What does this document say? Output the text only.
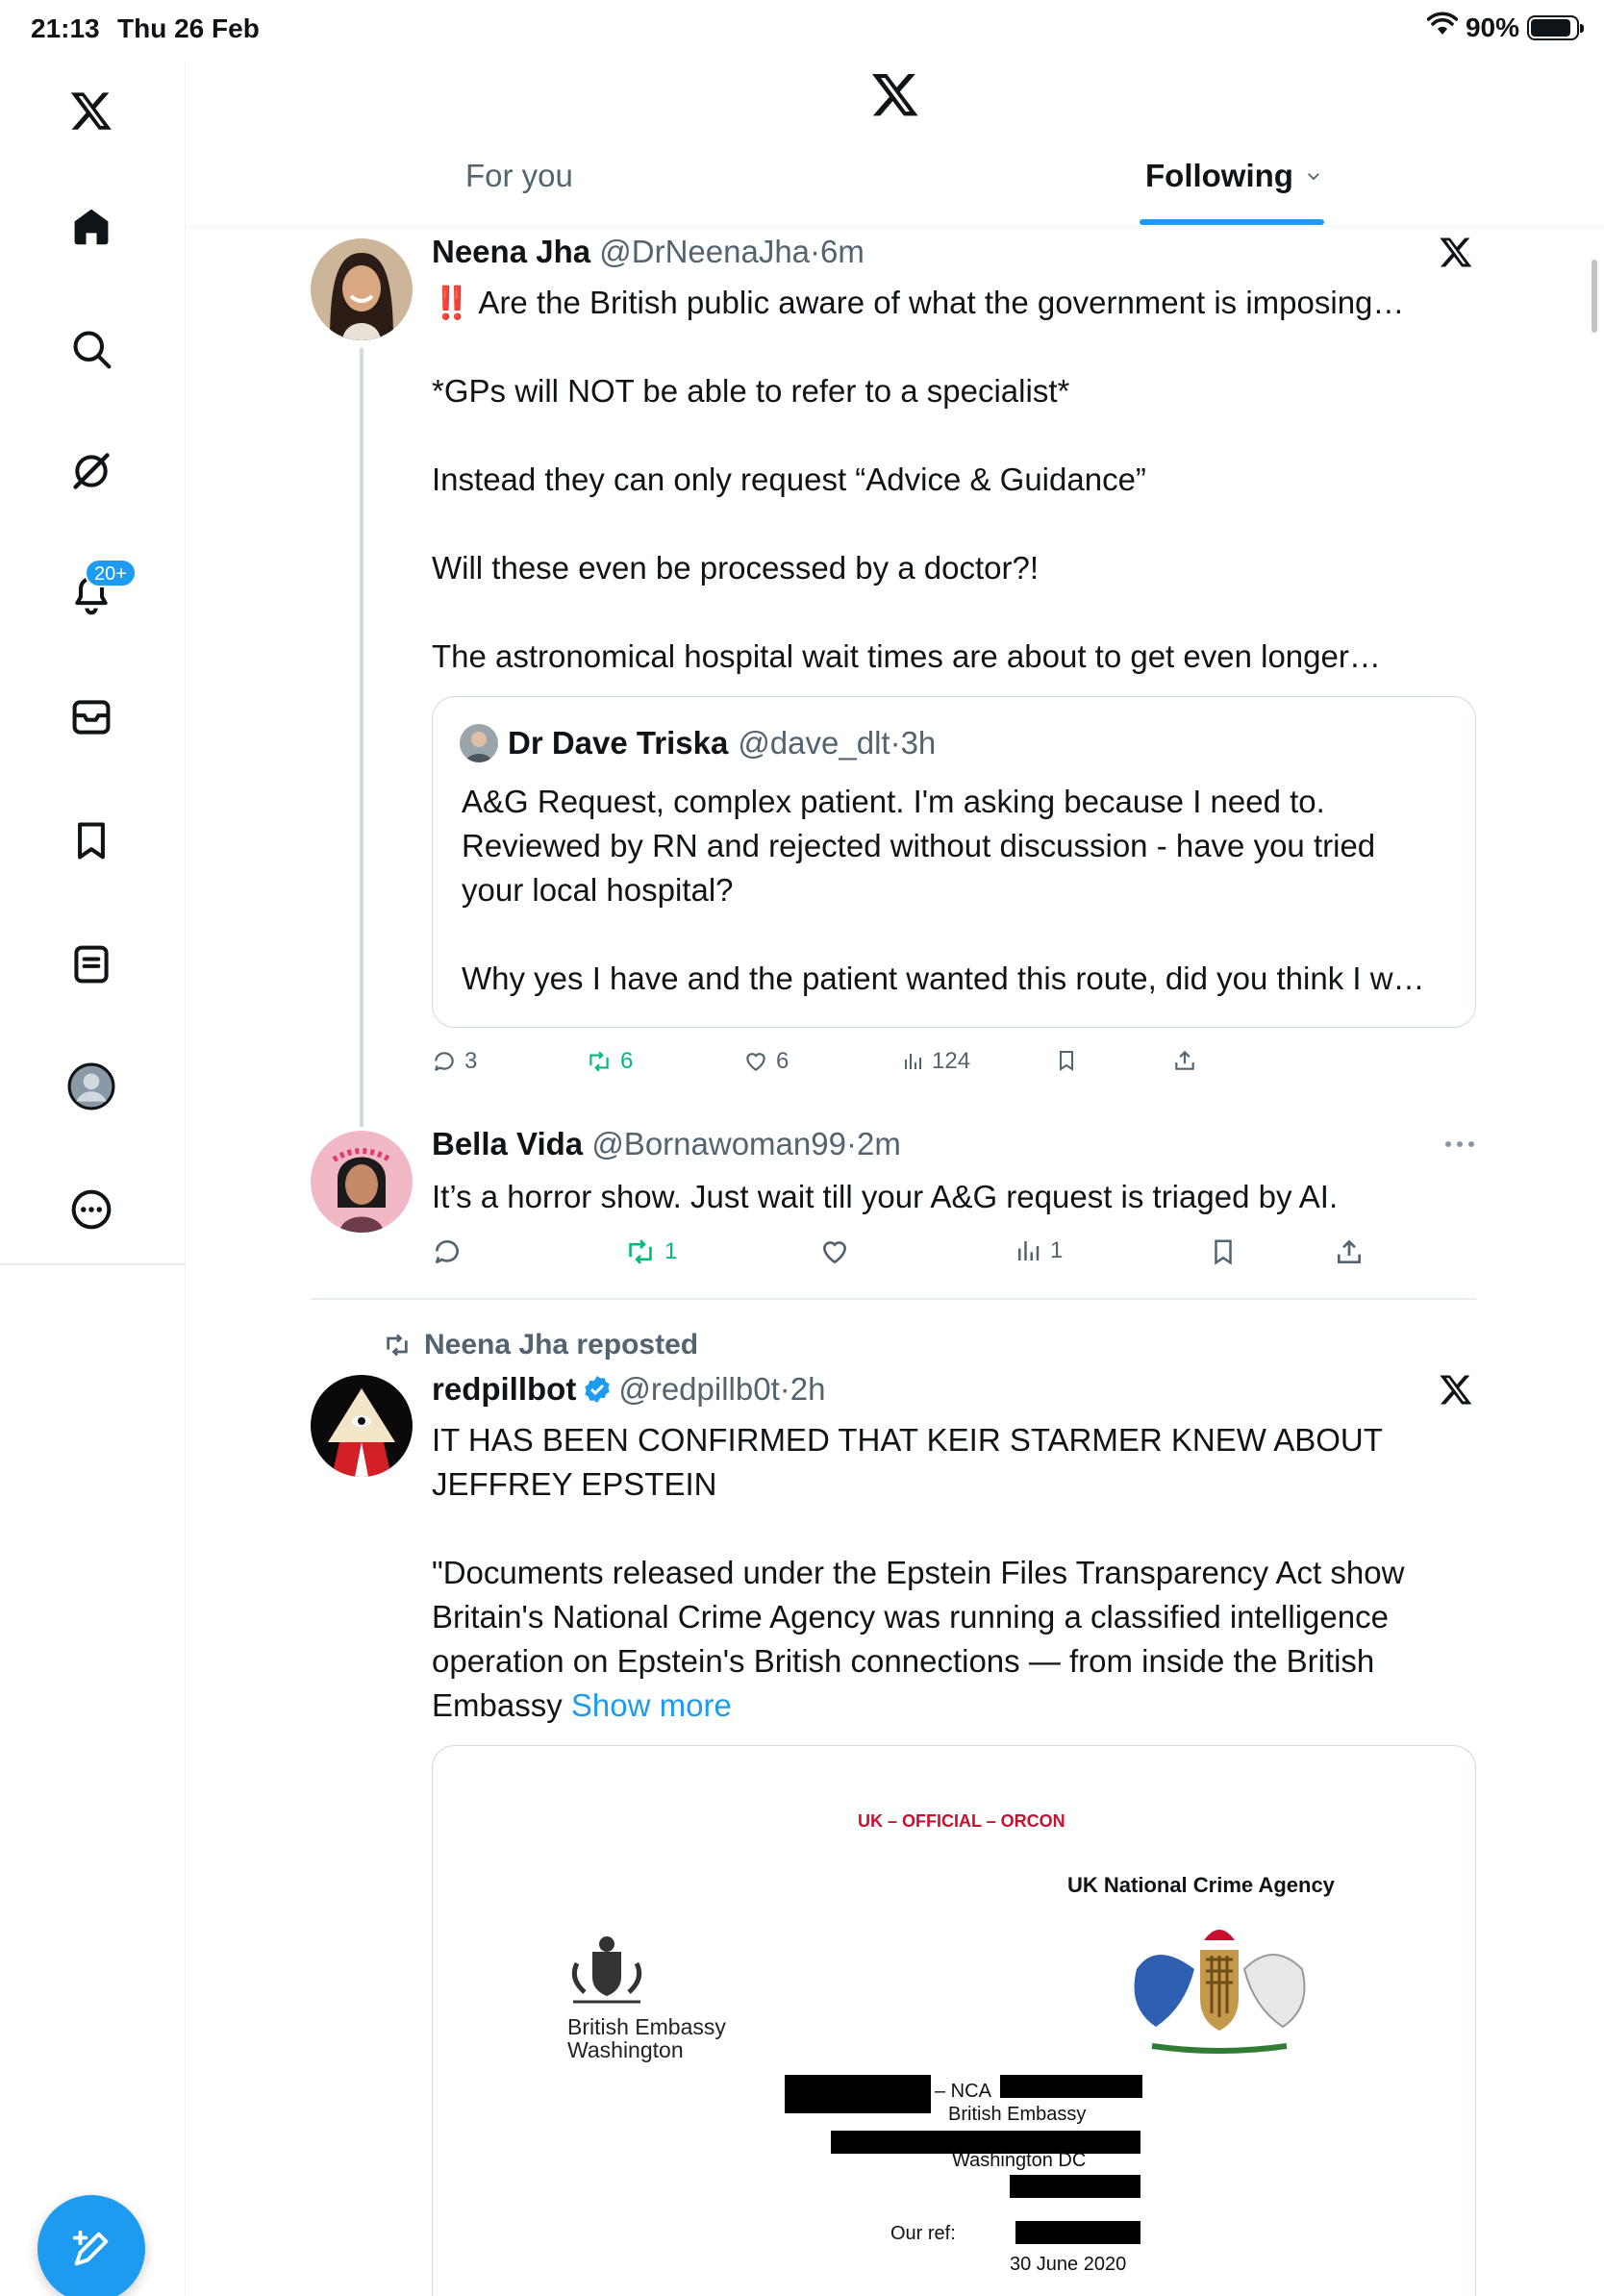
21:13 Thu 26 Feb	90%
20+
For you	Following
Neena Jha @DrNeenaJha·6m

‼️ Are the British public aware of what the government is imposing…

*GPs will NOT be able to refer to a specialist*

Instead they can only request “Advice & Guidance”

Will these even be processed by a doctor?!

The astronomical hospital wait times are about to get even longer…

Dr Dave Triska @dave_dlt·3h

A&G Request, complex patient. I'm asking because I need to.

Reviewed by RN and rejected without discussion - have you tried

your local hospital?

Why yes I have and the patient wanted this route, did you think I w…

3	6	6	124
Bella Vida @Bornawoman99·2m
It’s a horror show. Just wait till your A&G request is triaged by AI.
1	1
Neena Jha reposted
redpillbot @redpillb0t·2h

IT HAS BEEN CONFIRMED THAT KEIR STARMER KNEW ABOUT

JEFFREY EPSTEIN

"Documents released under the Epstein Files Transparency Act show

Britain's National Crime Agency was running a classified intelligence

operation on Epstein's British connections — from inside the British

Embassy Show more

UK – OFFICIAL – ORCON
UK National Crime Agency
British Embassy
Washington
– NCA
British Embassy
Washington DC
Our ref:
30 June 2020
